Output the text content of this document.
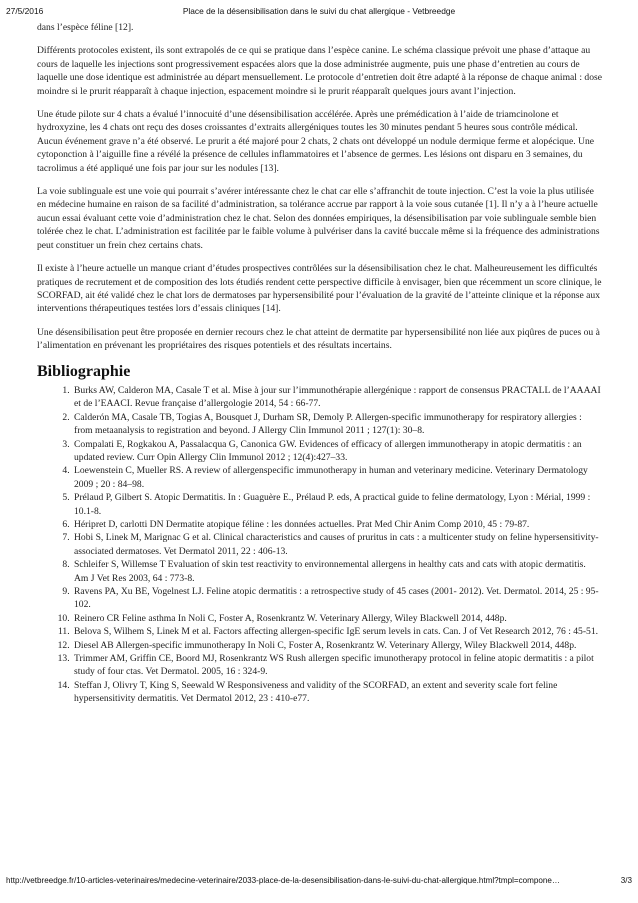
27/5/2016	Place de la désensibilisation dans le suivi du chat allergique - Vetbreedge

dans l’espèce féline [12].

Différents protocoles existent, ils sont extrapolés de ce qui se pratique dans l’espèce canine. Le schéma classique prévoit une phase d’attaque au cours de laquelle les injections sont progressivement espacées alors que la dose administrée augmente, puis une phase d’entretien au cours de laquelle une dose identique est administrée au départ mensuellement. Le protocole d’entretien doit être adapté à la réponse de chaque animal : dose moindre si le prurit réapparaît à chaque injection, espacement moindre si le prurit réapparaît quelques jours avant l’injection.

Une étude pilote sur 4 chats a évalué l’innocuité d’une désensibilisation accélérée. Après une prémédication à l’aide de triamcinolone et hydroxyzine, les 4 chats ont reçu des doses croissantes d’extraits allergéniques toutes les 30 minutes pendant 5 heures sous contrôle médical. Aucun événement grave n’a été observé. Le prurit a été majoré pour 2 chats, 2 chats ont développé un nodule dermique ferme et alopécique. Une cytoponction à l’aiguille fine a révélé la présence de cellules inflammatoires et l’absence de germes. Les lésions ont disparu en 3 semaines, du tacrolimus a été appliqué une fois par jour sur les nodules [13].

La voie sublinguale est une voie qui pourrait s’avérer intéressante chez le chat car elle s’affranchit de toute injection. C’est la voie la plus utilisée en médecine humaine en raison de sa facilité d’administration, sa tolérance accrue par rapport à la voie sous cutanée [1]. Il n’y a à l’heure actuelle aucun essai évaluant cette voie d’administration chez le chat. Selon des données empiriques, la désensibilisation par voie sublinguale semble bien tolérée chez le chat. L’administration est facilitée par le faible volume à pulvériser dans la cavité buccale même si la fréquence des administrations peut constituer un frein chez certains chats.

Il existe à l’heure actuelle un manque criant d’études prospectives contrôlées sur la désensibilisation chez le chat. Malheureusement les difficultés pratiques de recrutement et de composition des lots étudiés rendent cette perspective difficile à envisager, bien que récemment un score clinique, le SCORFAD, ait été validé chez le chat lors de dermatoses par hypersensibilité pour l’évaluation de la gravité de l’atteinte clinique et la réponse aux interventions thérapeutiques testées lors d’essais cliniques [14].

Une désensibilisation peut être proposée en dernier recours chez le chat atteint de dermatite par hypersensibilité non liée aux piqûres de puces ou à l’alimentation en prévenant les propriétaires des risques potentiels et des résultats incertains.

Bibliographie
1. Burks AW, Calderon MA, Casale T et al. Mise à jour sur l’immunothérapie allergénique : rapport de consensus PRACTALL de l’AAAAI et de l’EAACI. Revue française d’allergologie 2014, 54 : 66-77.
2. Calderón MA, Casale TB, Togias A, Bousquet J, Durham SR, Demoly P. Allergen-specific immunotherapy for respiratory allergies : from metaanalysis to registration and beyond. J Allergy Clin Immunol 2011 ; 127(1): 30–8.
3. Compalati E, Rogkakou A, Passalacqua G, Canonica GW. Evidences of efficacy of allergen immunotherapy in atopic dermatitis : an updated review. Curr Opin Allergy Clin Immunol 2012 ; 12(4):427–33.
4. Loewenstein C, Mueller RS. A review of allergenspecific immunotherapy in human and veterinary medicine. Veterinary Dermatology 2009 ; 20 : 84–98.
5. Prélaud P, Gilbert S. Atopic Dermatitis. In : Guaguère E., Prélaud P. eds, A practical guide to feline dermatology, Lyon : Mérial, 1999 : 10.1-8.
6. Héripret D, carlotti DN Dermatite atopique féline : les données actuelles. Prat Med Chir Anim Comp 2010, 45 : 79-87.
7. Hobi S, Linek M, Marignac G et al. Clinical characteristics and causes of pruritus in cats : a multicenter study on feline hypersensitivity-associated dermatoses. Vet Dermatol 2011, 22 : 406-13.
8. Schleifer S, Willemse T Evaluation of skin test reactivity to environnemental allergens in healthy cats and cats with atopic dermatitis. Am J Vet Res 2003, 64 : 773-8.
9. Ravens PA, Xu BE, Vogelnest LJ. Feline atopic dermatitis : a retrospective study of 45 cases (2001- 2012). Vet. Dermatol. 2014, 25 : 95-102.
10. Reinero CR Feline asthma In Noli C, Foster A, Rosenkrantz W. Veterinary Allergy, Wiley Blackwell 2014, 448p.
11. Belova S, Wilhem S, Linek M et al. Factors affecting allergen-specific IgE serum levels in cats. Can. J of Vet Research 2012, 76 : 45-51.
12. Diesel AB Allergen-specific immunotherapy In Noli C, Foster A, Rosenkrantz W. Veterinary Allergy, Wiley Blackwell 2014, 448p.
13. Trimmer AM, Griffin CE, Boord MJ, Rosenkrantz WS Rush allergen specific imunotherapy protocol in feline atopic dermatitis : a pilot study of four ctas. Vet Dermatol. 2005, 16 : 324-9.
14. Steffan J, Olivry T, King S, Seewald W Responsiveness and validity of the SCORFAD, an extent and severity scale fort feline hypersensitivity dermatitis. Vet Dermatol 2012, 23 : 410-e77.
http://vetbreedge.fr/10-articles-veterinaires/medecine-veterinaire/2033-place-de-la-desensibilisation-dans-le-suivi-du-chat-allergique.html?tmpl=compone…	3/3
